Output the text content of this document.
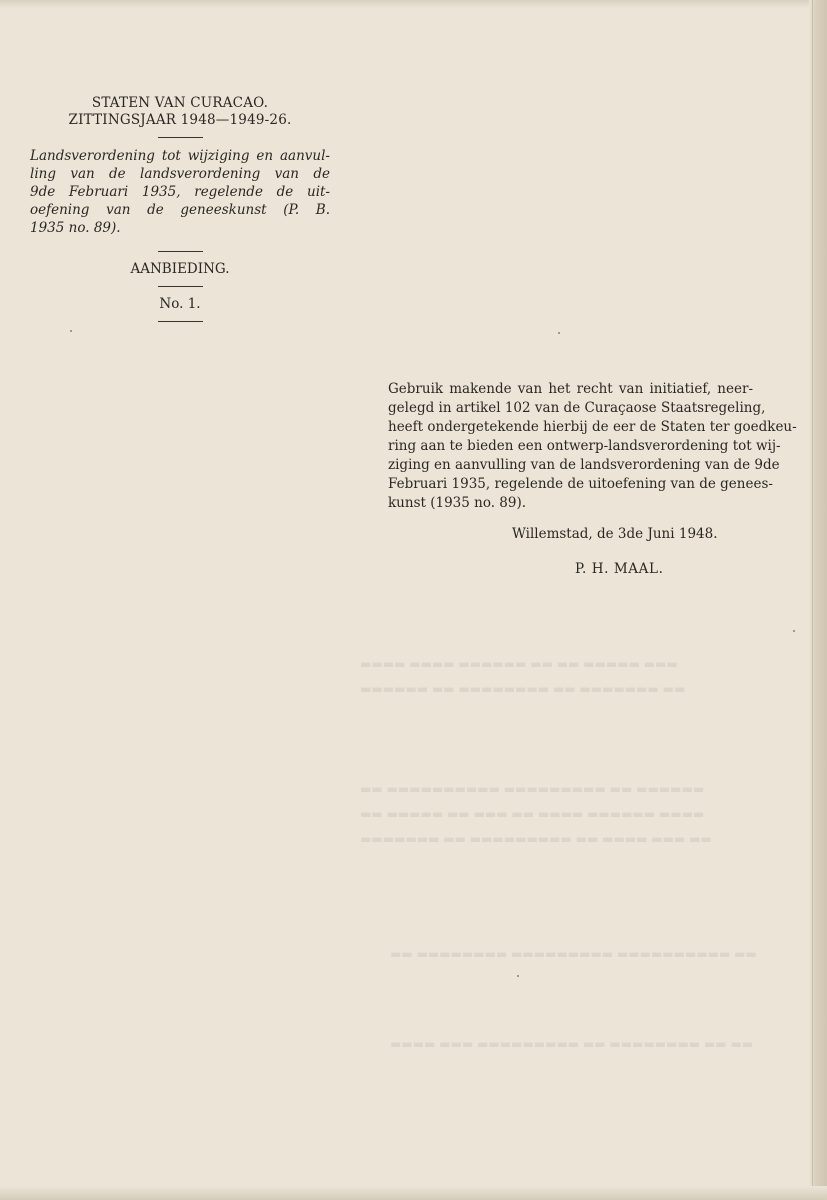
▬▬▬ ▬▬▬▬▬ ▬▬ ▬▬ ▬▬▬▬▬▬ ▬▬▬▬ ▬▬▬▬
▬▬ ▬▬▬▬▬▬▬ ▬▬ ▬▬▬▬▬▬▬▬ ▬▬ ▬▬▬▬▬▬
▬▬▬▬▬▬ ▬▬ ▬▬▬▬▬▬▬▬▬ ▬▬▬▬▬▬▬▬▬▬ ▬▬
▬▬▬▬ ▬▬▬▬▬▬ ▬▬▬▬ ▬▬ ▬▬▬ ▬▬ ▬▬▬▬▬ ▬▬
▬▬ ▬▬▬ ▬▬▬▬ ▬▬ ▬▬▬▬▬▬▬▬▬ ▬▬ ▬▬▬▬▬▬▬
▬▬ ▬▬▬▬▬▬▬▬▬▬ ▬▬▬▬▬▬▬▬▬ ▬▬▬▬▬▬▬▬ ▬▬
▬▬ ▬▬ ▬▬▬▬▬▬▬▬ ▬▬ ▬▬▬▬▬▬▬▬▬ ▬▬▬ ▬▬▬▬

STATEN VAN CURACAO.

ZITTINGSJAAR 1948—1949-26.

Landsverordening tot wijziging en aanvul-
ling van de landsverordening van de
9de Februari 1935, regelende de uit-
oefening van de geneeskunst (P. B.
1935 no. 89).

AANBIEDING.

No. 1.

Gebruik makende van het recht van initiatief, neer-
gelegd in artikel 102 van de Curaçaose Staatsregeling,
heeft ondergetekende hierbij de eer de Staten ter goedkeu-
ring aan te bieden een ontwerp-landsverordening tot wij-
ziging en aanvulling van de landsverordening van de 9de
Februari 1935, regelende de uitoefening van de genees-
kunst (1935 no. 89).
Willemstad, de 3de Juni 1948.
P. H. MAAL.
